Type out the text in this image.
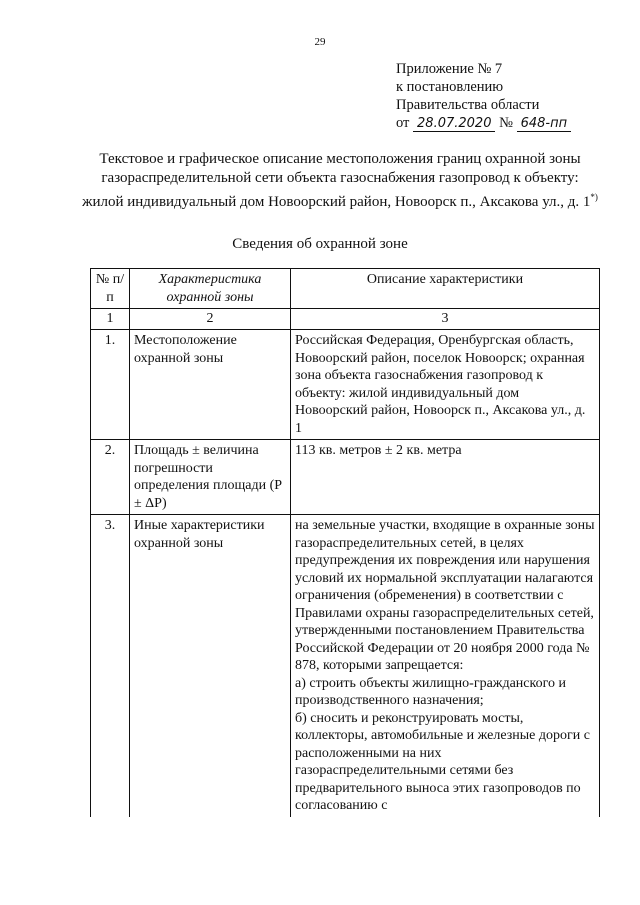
29
Приложение № 7
к постановлению
Правительства области
от 28.07.2020 № 648-пп
Текстовое и графическое описание местоположения границ охранной зоны газораспределительной сети объекта газоснабжения газопровод к объекту: жилой индивидуальный дом Новоорский район, Новоорск п., Аксакова ул., д. 1*)
Сведения об охранной зоне
№ п/п	Характеристика охранной зоны	Описание характеристики
1	2	3
1.	Местоположение охранной зоны	Российская Федерация, Оренбургская область, Новоорский район, поселок Новоорск; охранная зона объекта газоснабжения газопровод к объекту: жилой индивидуальный дом Новоорский район, Новоорск п., Аксакова ул., д. 1
2.	Площадь ± величина погрешности определения площади (P ± ΔP)	113 кв. метров ± 2 кв. метра
3.	Иные характеристики охранной зоны	на земельные участки, входящие в охранные зоны газораспределительных сетей, в целях предупреждения их повреждения или нарушения условий их нормальной эксплуатации налагаются ограничения (обременения) в соответствии с Правилами охраны газораспределительных сетей, утвержденными постановлением Правительства Российской Федерации от 20 ноября 2000 года № 878, которыми запрещается:
а) строить объекты жилищно-гражданского и производственного назначения;
б) сносить и реконструировать мосты, коллекторы, автомобильные и железные дороги с расположенными на них газораспределительными сетями без предварительного выноса этих газопроводов по согласованию с
